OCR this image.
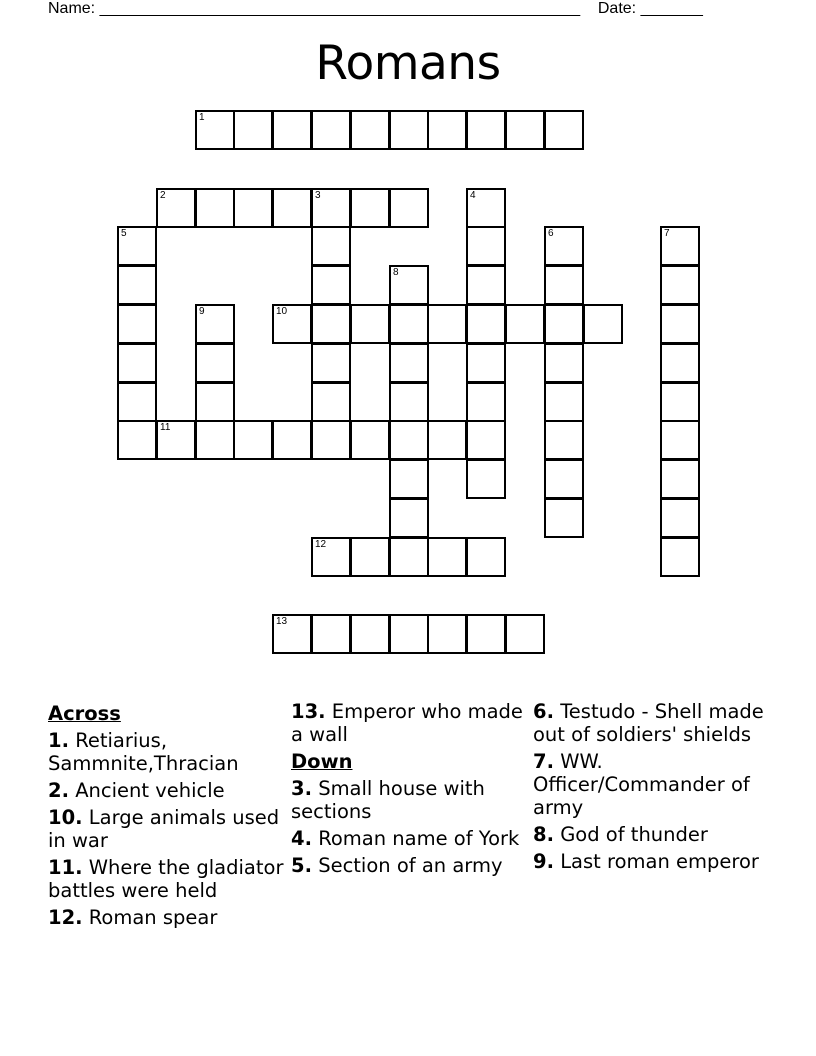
Name: ______________________________________________________ Date: _______
Romans
1
2	3	4
5	6	7
8
9	10
11
12
13
Across
1. Retiarius, Sammnite,Thracian
2. Ancient vehicle
10. Large animals used in war
11. Where the gladiator battles were held
12. Roman spear
13. Emperor who made a wall
Down
3. Small house with sections
4. Roman name of York
5. Section of an army
6. Testudo - Shell made out of soldiers' shields
7. WW. Officer/Commander of army
8. God of thunder
9. Last roman emperor
